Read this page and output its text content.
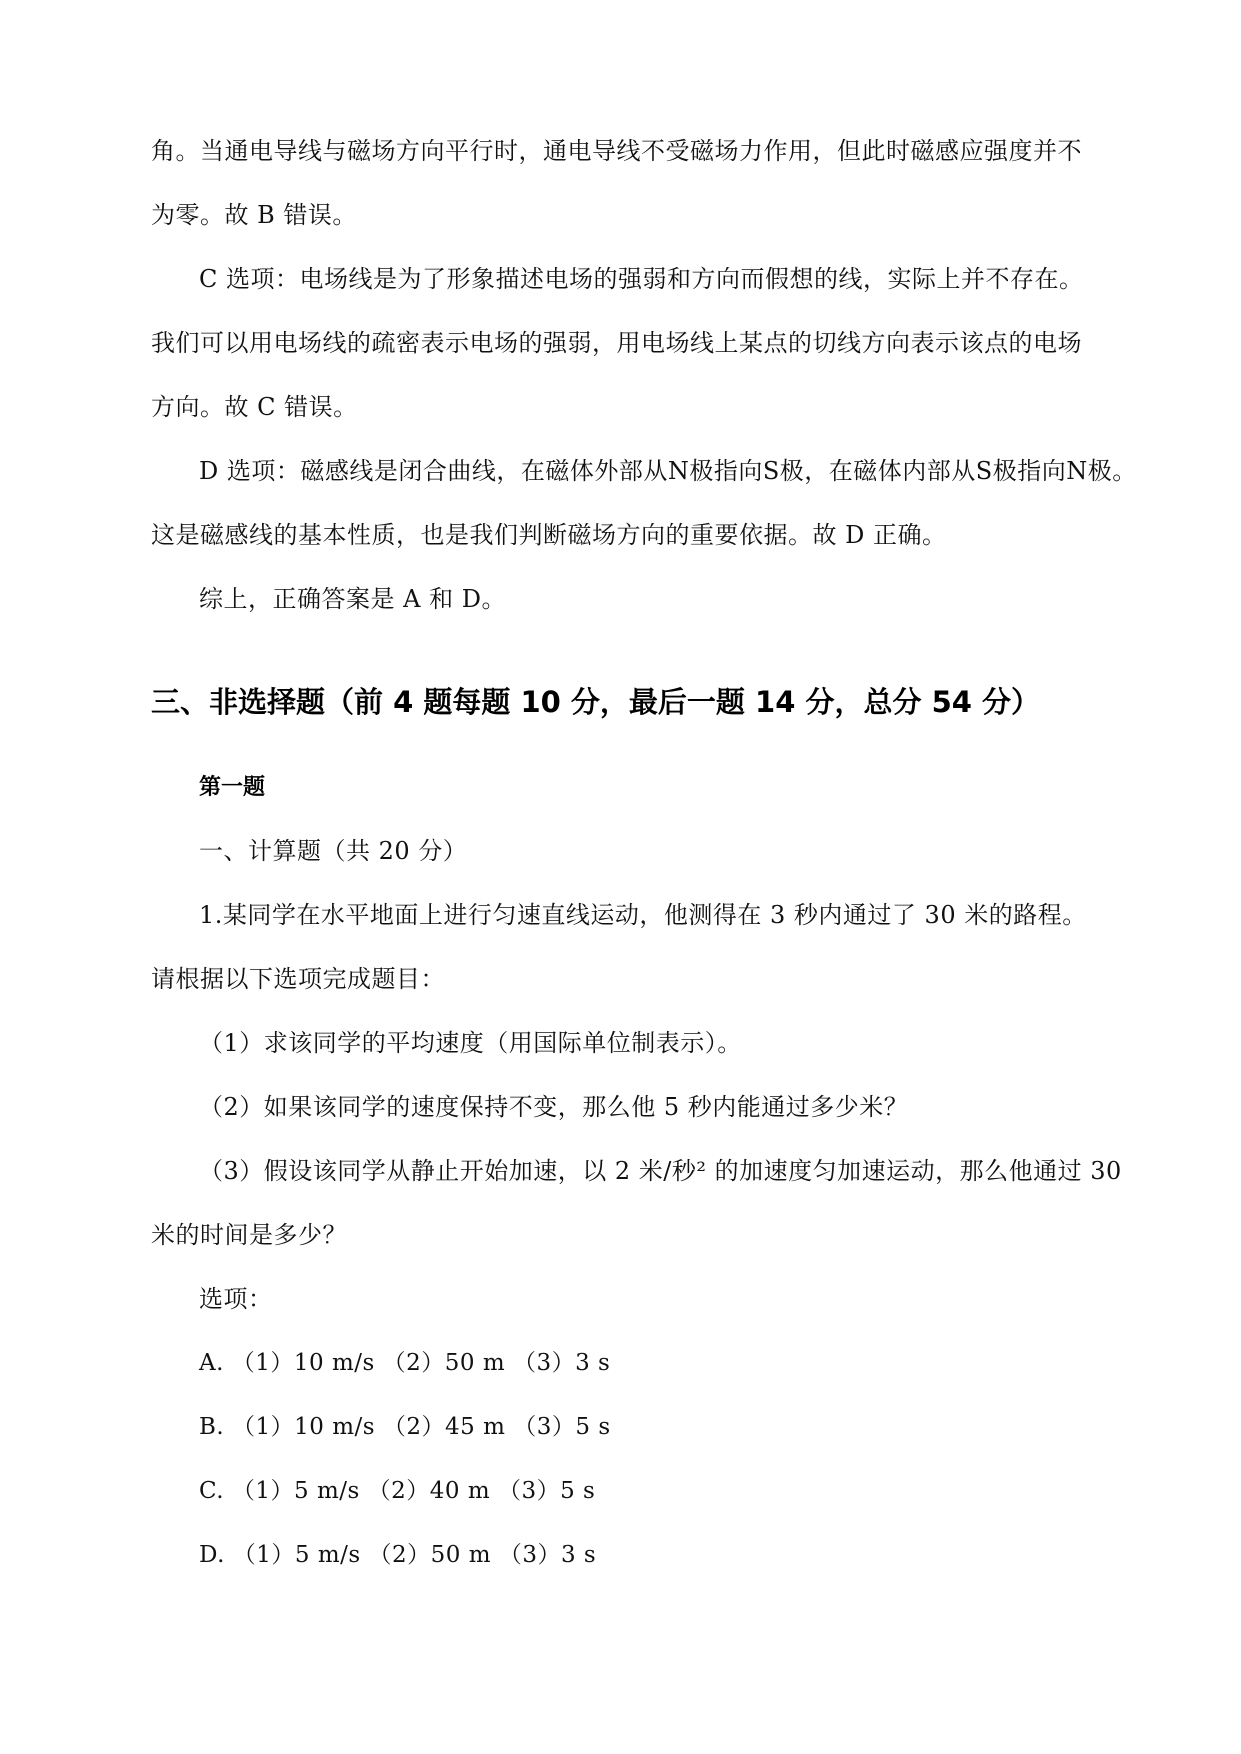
角。当通电导线与磁场方向平行时，通电导线不受磁场力作用，但此时磁感应强度并不
为零。故 B 错误。
C 选项：电场线是为了形象描述电场的强弱和方向而假想的线，实际上并不存在。
我们可以用电场线的疏密表示电场的强弱，用电场线上某点的切线方向表示该点的电场
方向。故 C 错误。
D 选项：磁感线是闭合曲线，在磁体外部从N极指向S极，在磁体内部从S极指向N极。
这是磁感线的基本性质，也是我们判断磁场方向的重要依据。故 D 正确。
综上，正确答案是 A 和 D。
三、非选择题（前 4 题每题 10 分，最后一题 14 分，总分 54 分）
第一题
一、计算题（共 20 分）
1.某同学在水平地面上进行匀速直线运动，他测得在 3 秒内通过了 30 米的路程。
请根据以下选项完成题目：
（1）求该同学的平均速度（用国际单位制表示）。
（2）如果该同学的速度保持不变，那么他 5 秒内能通过多少米？
（3）假设该同学从静止开始加速，以 2 米/秒² 的加速度匀加速运动，那么他通过 30
米的时间是多少？
选项：
A. （1）10 m/s （2）50 m （3）3 s
B. （1）10 m/s （2）45 m （3）5 s
C. （1）5 m/s （2）40 m （3）5 s
D. （1）5 m/s （2）50 m （3）3 s
